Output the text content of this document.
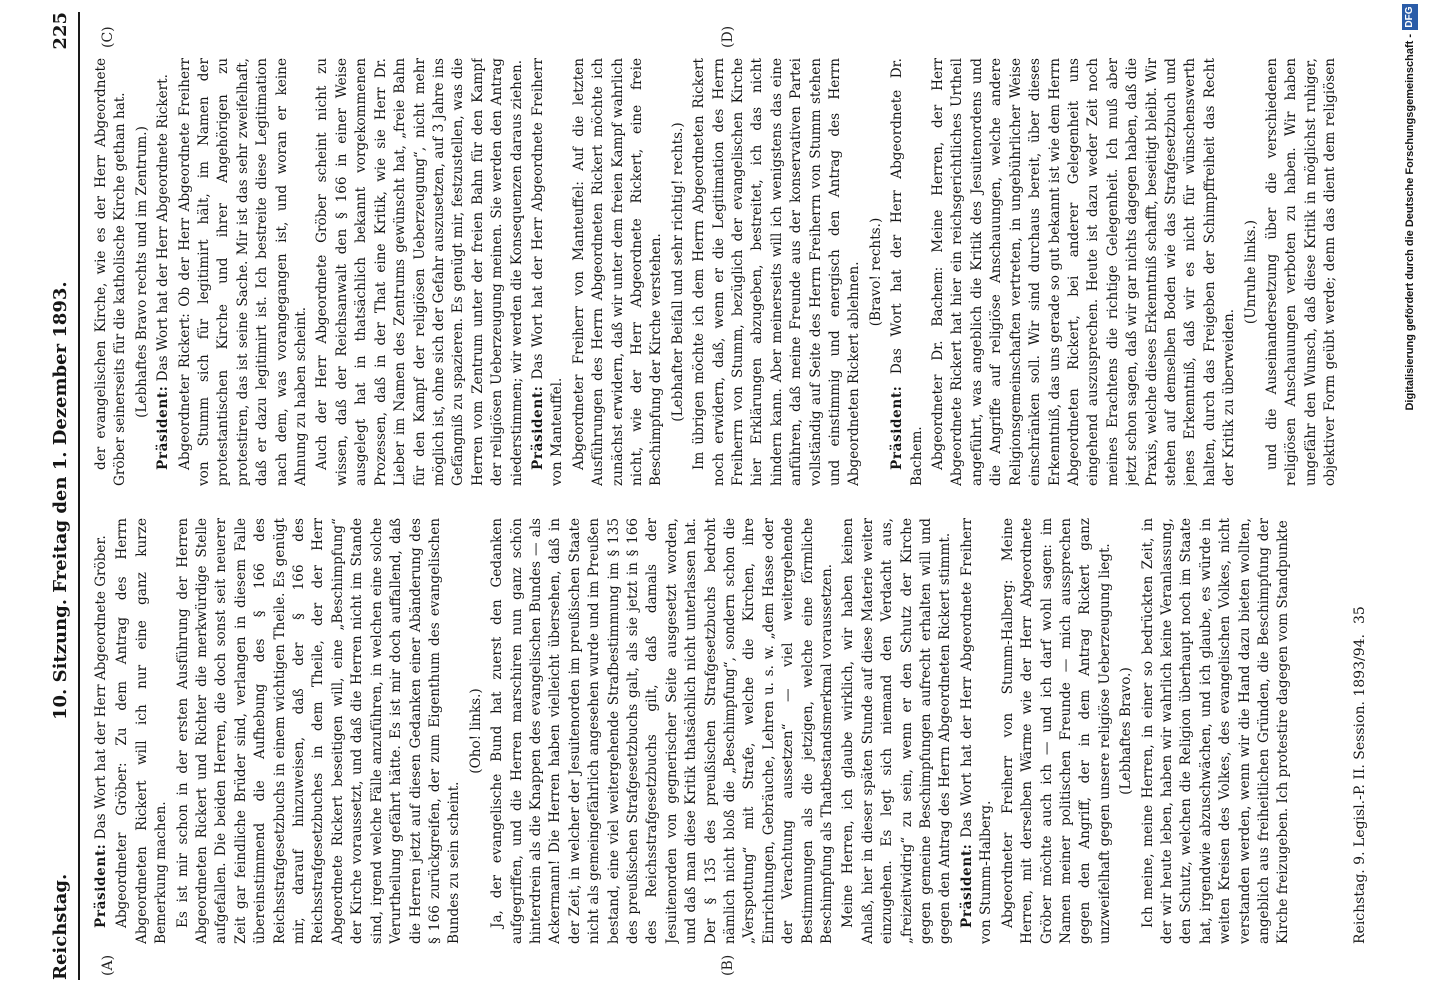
Reichstag.
10. Sitzung. Freitag den 1. Dezember 1893.
225
(A)	(B)
(C)	(D)

Präsident: Das Wort hat der Herr Abgeordnete Gröber. Abgeordneter Gröber: Zu dem Antrag des Herrn Abgeordneten Rickert will ich nur eine ganz kurze Bemerkung machen. Es ist mir schon in der ersten Ausführung der Herren Abgeordneten Rickert und Richter die merkwürdige Stelle aufgefallen. Die beiden Herren, die doch sonst seit neuerer Zeit gar feindliche Brüder sind, verlangen in diesem Falle übereinstimmend die Aufhebung des § 166 des Reichsstrafgesetzbuchs in einem wichtigen Theile. Es genügt mir, darauf hinzuweisen, daß der § 166 des Reichsstrafgesetzbuches in dem Theile, der der Herr Abgeordnete Rickert beseitigen will, eine „Beschimpfung“ der Kirche voraussetzt, und daß die Herren nicht im Stande sind, irgend welche Fälle anzuführen, in welchen eine solche Verurtheilung gefährt hätte. Es ist mir doch auffallend, daß die Herren jetzt auf diesen Gedanken einer Abänderung des § 166 zurückgreifen, der zum Eigenthum des evangelischen Bundes zu sein scheint.

(Oho! links.) Ja, der evangelische Bund hat zuerst den Gedanken aufgegriffen, und die Herren marschiren nun ganz schön hinterdrein als die Knappen des evangelischen Bundes — als Ackermann! Die Herren haben vielleicht übersehen, daß in der Zeit, in welcher der Jesuitenorden im preußischen Staate nicht als gemeingefährlich angesehen wurde und im Preußen bestand, eine viel weitergehende Strafbestimmung im § 135 des preußischen Strafgesetzbuchs galt, als sie jetzt in § 166 des Reichsstrafgesetzbuchs gilt, daß damals der Jesuitenorden von gegnerischer Seite ausgesetzt worden, und daß man diese Kritik thatsächlich nicht unterlassen hat. Der § 135 des preußischen Strafgesetzbuchs bedroht nämlich nicht bloß die „Beschimpfung“, sondern schon die „Verspottung“ mit Strafe, welche die Kirchen, ihre Einrichtungen, Gebräuche, Lehren u. s. w. „dem Hasse oder der Verachtung aussetzen“ — viel weitergehende Bestimmungen als die jetzigen, welche eine förmliche Beschimpfung als Thatbestandsmerkmal voraussetzen. Meine Herren, ich glaube wirklich, wir haben keinen Anlaß, hier in dieser späten Stunde auf diese Materie weiter einzugehen. Es legt sich niemand den Verdacht aus, „freizeitwidrig“ zu sein, wenn er den Schutz der Kirche gegen gemeine Beschimpfungen aufrecht erhalten will und gegen den Antrag des Herrn Abgeordneten Rickert stimmt. Präsident: Das Wort hat der Herr Abgeordnete Freiherr von Stumm-Halberg. Abgeordneter Freiherr von Stumm-Halberg: Meine Herren, mit derselben Wärme wie der Herr Abgeordnete Gröber möchte auch ich — und ich darf wohl sagen: im Namen meiner politischen Freunde — mich aussprechen gegen den Angriff, der in dem Antrag Rickert ganz unzweifelhaft gegen unsere religiöse Ueberzeugung liegt. (Lebhaftes Bravo.) Ich meine, meine Herren, in einer so bedrückten Zeit, in der wir heute leben, haben wir wahrlich keine Veranlassung, den Schutz, welchen die Religion überhaupt noch im Staate hat, irgendwie abzuschwächen, und ich glaube, es würde in weiten Kreisen des Volkes, des evangelischen Volkes, nicht verstanden werden, wenn wir die Hand dazu bieten wollten, angeblich aus freiheitlichen Gründen, die Beschimpfung der Kirche freizugeben. Ich protestire dagegen vom Standpunkte

der evangelischen Kirche, wie es der Herr Abgeordnete Gröber seinerseits für die katholische Kirche gethan hat. (Lebhaftes Bravo rechts und im Zentrum.)

Präsident: Das Wort hat der Herr Abgeordnete Rickert. Abgeordneter Rickert: Ob der Herr Abgeordnete Freiherr von Stumm sich für legitimirt hält, im Namen der protestantischen Kirche und ihrer Angehörigen zu protestiren, das ist seine Sache. Mir ist das sehr zweifelhaft, daß er dazu legitimirt ist. Ich bestreite diese Legitimation nach dem, was vorangegangen ist, und woran er keine Ahnung zu haben scheint. Auch der Herr Abgeordnete Gröber scheint nicht zu wissen, daß der Reichsanwalt den § 166 in einer Weise ausgelegt hat in thatsächlich bekannt vorgekommenen Prozessen, daß in der That eine Kritik, wie sie Herr Dr. Lieber im Namen des Zentrums gewünscht hat, „freie Bahn für den Kampf der religiösen Ueberzeugung“, nicht mehr möglich ist, ohne sich der Gefahr auszusetzen, auf 3 Jahre ins Gefängniß zu spazieren. Es genügt mir, festzustellen, was die Herren vom Zentrum unter der freien Bahn für den Kampf der religiösen Ueberzeugung meinen. Sie werden den Antrag niederstimmen; wir werden die Konsequenzen daraus ziehen. Präsident: Das Wort hat der Herr Abgeordnete Freiherr von Manteuffel. Abgeordneter Freiherr von Manteuffel: Auf die letzten Ausführungen des Herrn Abgeordneten Rickert möchte ich zunächst erwidern, daß wir unter dem freien Kampf wahrlich nicht, wie der Herr Abgeordnete Rickert, eine freie Beschimpfung der Kirche verstehen. (Lebhafter Beifall und sehr richtig! rechts.) Im übrigen möchte ich dem Herrn Abgeordneten Rickert noch erwidern, daß, wenn er die Legitimation des Herrn Freiherrn von Stumm, bezüglich der evangelischen Kirche hier Erklärungen abzugeben, bestreitet, ich das nicht hindern kann. Aber meinerseits will ich wenigstens das eine anführen, daß meine Freunde aus der konservativen Partei vollständig auf Seite des Herrn Freiherrn von Stumm stehen und einstimmig und energisch den Antrag des Herrn Abgeordneten Rickert ablehnen. (Bravo! rechts.)

Präsident: Das Wort hat der Herr Abgeordnete Dr. Bachem. Abgeordneter Dr. Bachem: Meine Herren, der Herr Abgeordnete Rickert hat hier ein reichsgerichtliches Urtheil angeführt, was angeblich die Kritik des Jesuitenordens und die Angriffe auf religiöse Anschauungen, welche andere Religionsgemeinschaften vertreten, in ungebührlicher Weise einschränken soll. Wir sind durchaus bereit, über dieses Erkenntniß, das uns gerade so gut bekannt ist wie dem Herrn Abgeordneten Rickert, bei anderer Gelegenheit uns eingehend auszusprechen. Heute ist dazu weder Zeit noch meines Erachtens die richtige Gelegenheit. Ich muß aber jetzt schon sagen, daß wir gar nichts dagegen haben, daß die Praxis, welche dieses Erkenntniß schafft, beseitigt bleibt. Wir stehen auf demselben Boden wie das Strafgesetzbuch und jenes Erkenntniß, daß wir es nicht für wünschenswerth halten, durch das Freigeben der Schimpffreiheit das Recht der Kritik zu überweiden.

(Unruhe links.)

und die Auseinandersetzung über die verschiedenen religiösen Anschauungen verboten zu haben. Wir haben ungefähr den Wunsch, daß diese Kritik in möglichst ruhiger, objektiver Form geübt werde; denn das dient dem religiösen

Reichstag. 9. Legisl.-P. II. Session. 1893/94.
35
Digitalisierung gefördert durch die Deutsche Forschungsgemeinschaft -
DFG
